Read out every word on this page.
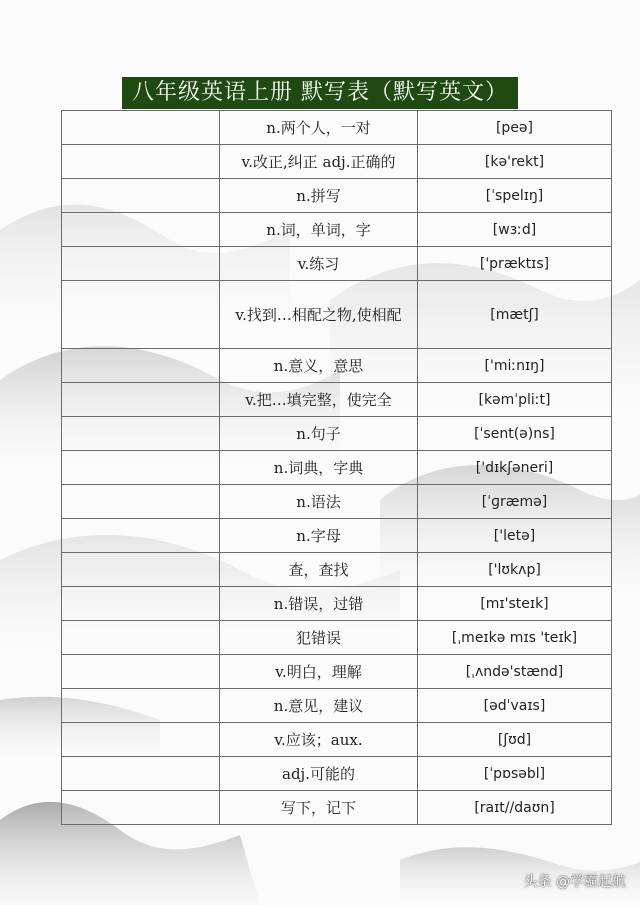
八年级英语上册 默写表（默写英文）
	n.两个人，一对	[peə]
	v.改正,纠正 adj.正确的	[kə'rekt]
	n.拼写	[ˈspelɪŋ]
	n.词，单词，字	[wɜːd]
	v.练习	['præktɪs]
	v.找到…相配之物,使相配	[mætʃ]
	n.意义，意思	['miːnɪŋ]
	v.把…填完整，使完全	[kəmˈpliːt]
	n.句子	[ˈsent(ə)ns]
	n.词典，字典	['dɪkʃəneri]
	n.语法	[ˈɡræmə]
	n.字母	['letə]
	查，查找	['lʊkʌp]
	n.错误，过错	[mɪ'steɪk]
	犯错误	[ˌmeɪkə mɪs 'teɪk]
	v.明白，理解	[ˌʌndə'stænd]
	n.意见，建议	[ədˈvaɪs]
	v.应该；aux.	[ʃʊd]
	adj.可能的	[ˈpɒsəbl]
	写下，记下	[raɪt//daʊn]
头条 @学霸起航
